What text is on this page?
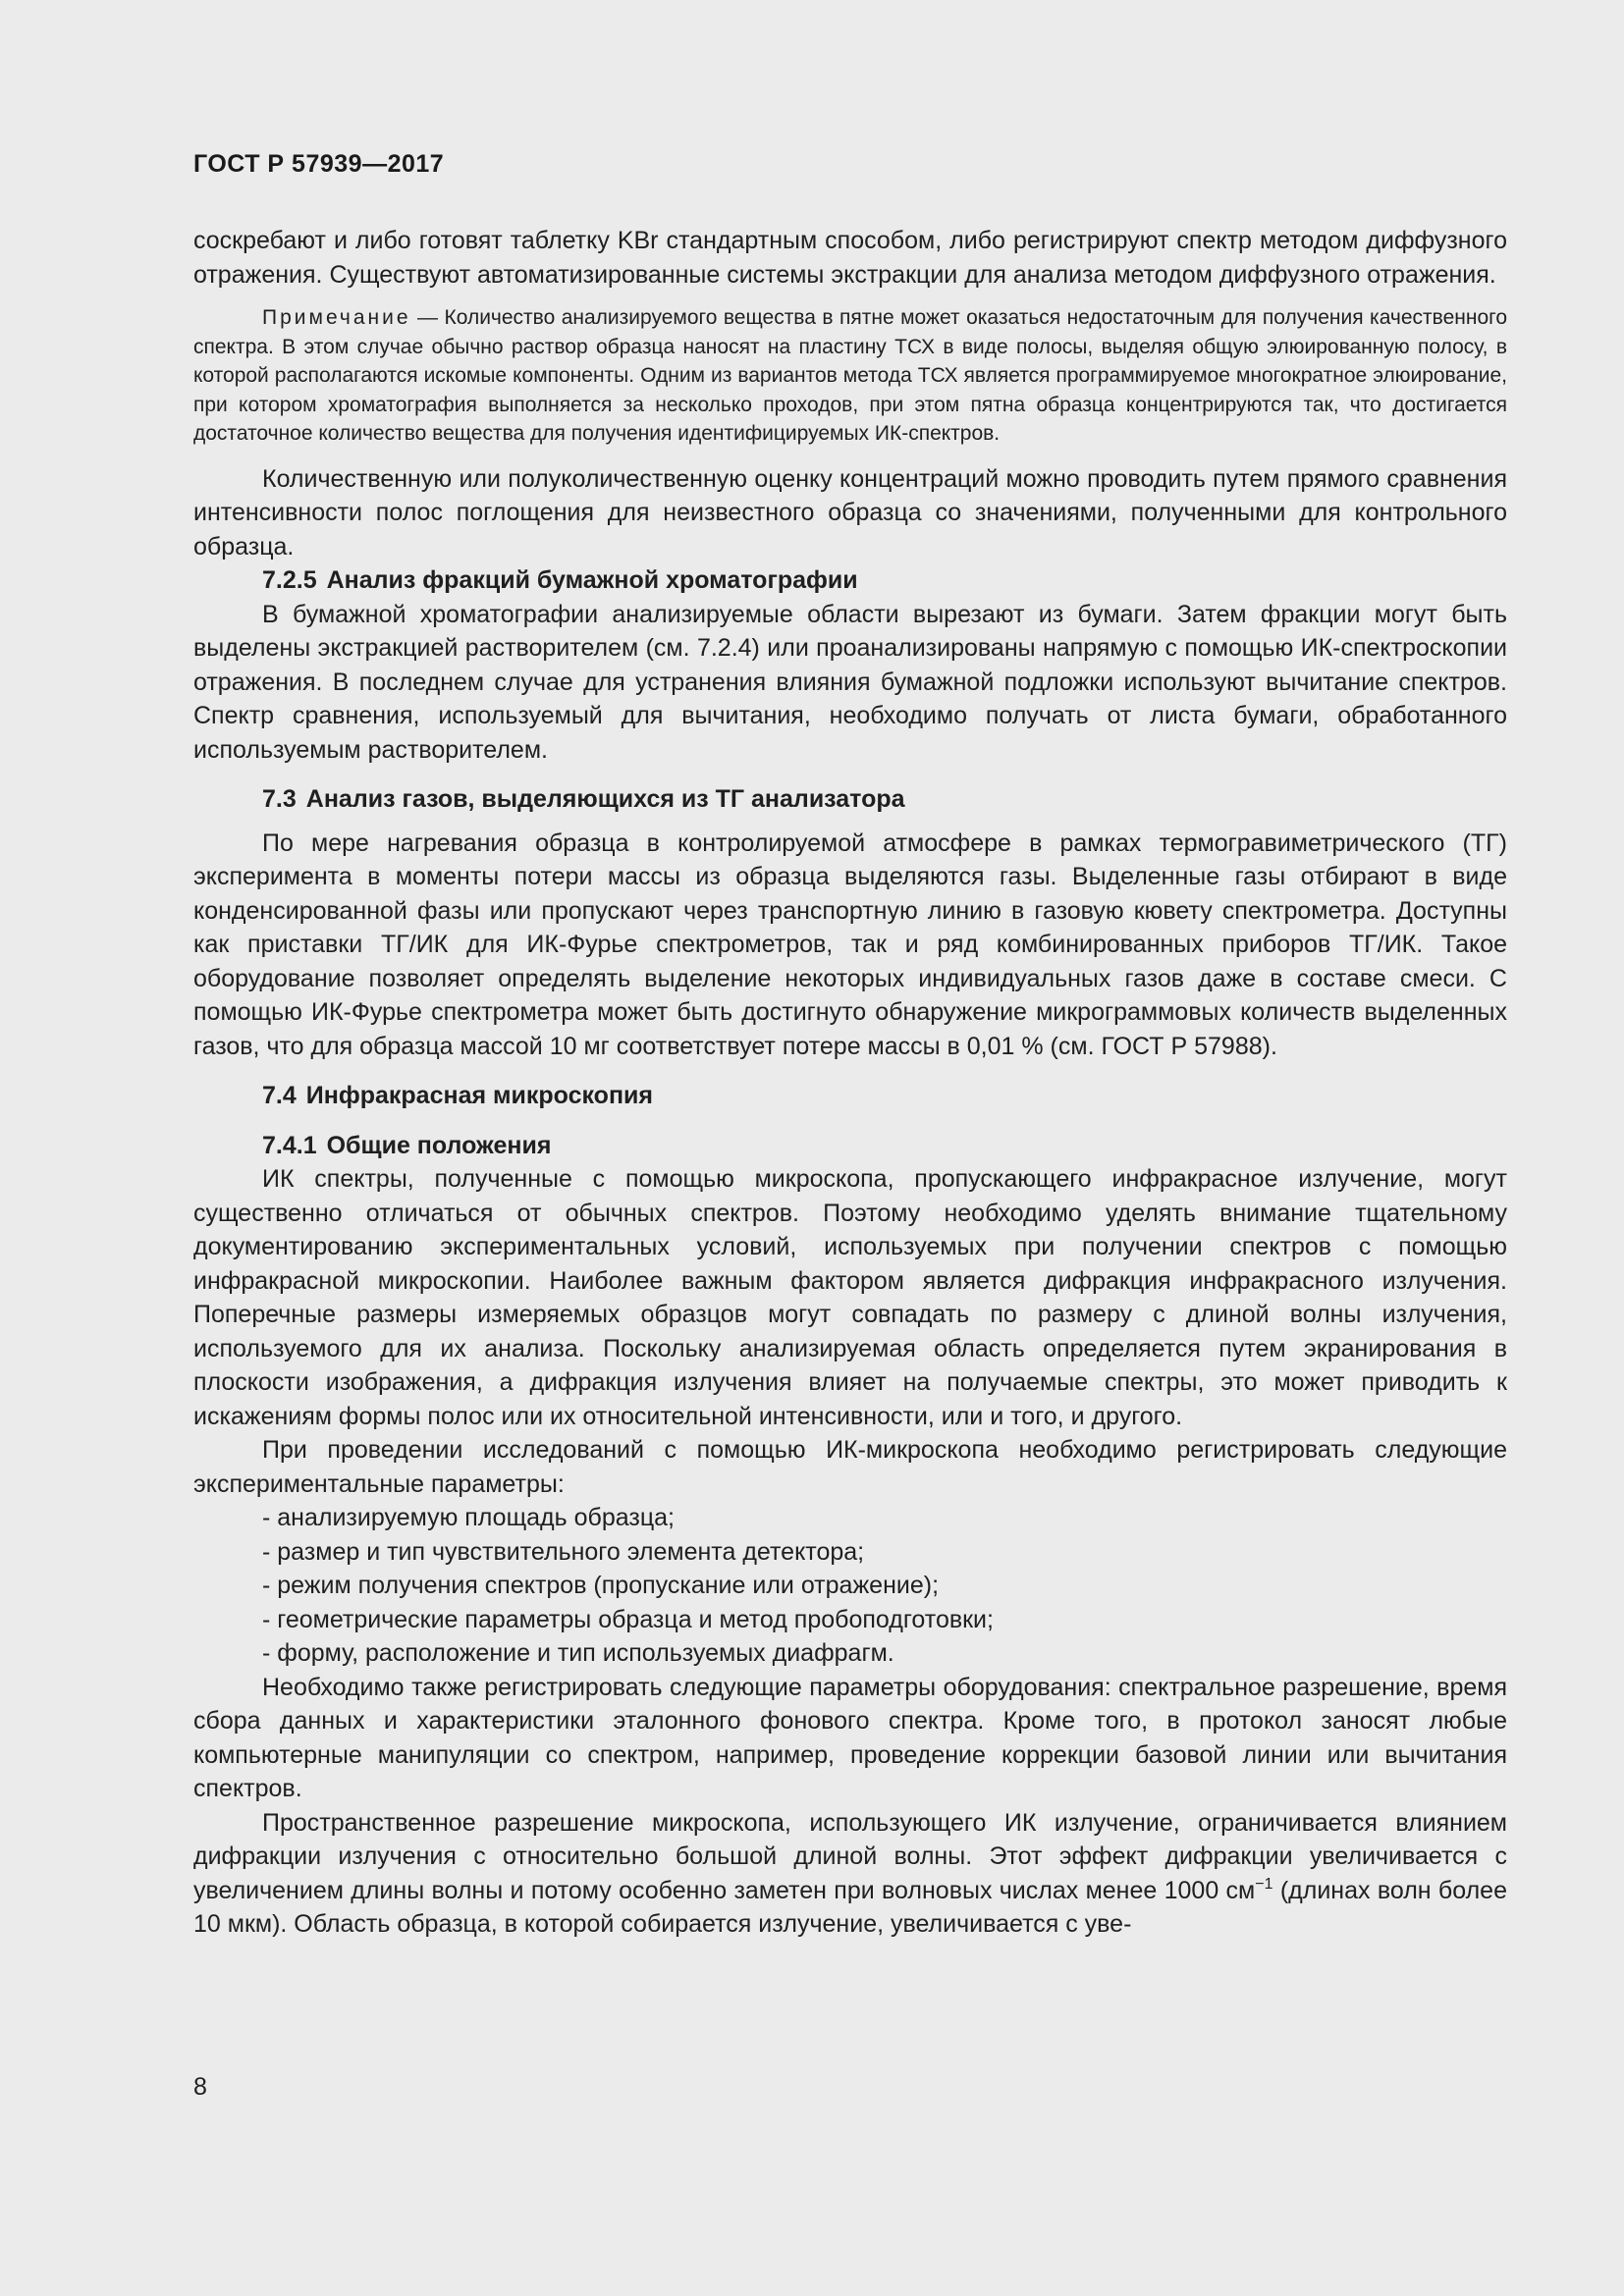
ГОСТ Р 57939—2017

соскребают и либо готовят таблетку KBr стандартным способом, либо регистрируют спектр методом диффузного отражения. Существуют автоматизированные системы экстракции для анализа методом диффузного отражения.

Примечание — Количество анализируемого вещества в пятне может оказаться недостаточным для получения качественного спектра. В этом случае обычно раствор образца наносят на пластину ТСХ в виде полосы, выделяя общую элюированную полосу, в которой располагаются искомые компоненты. Одним из вариантов метода ТСХ является программируемое многократное элюирование, при котором хроматография выполняется за несколько проходов, при этом пятна образца концентрируются так, что достигается достаточное количество вещества для получения идентифицируемых ИК-спектров.

Количественную или полуколичественную оценку концентраций можно проводить путем прямого сравнения интенсивности полос поглощения для неизвестного образца со значениями, полученными для контрольного образца.

7.2.5 Анализ фракций бумажной хроматографии

В бумажной хроматографии анализируемые области вырезают из бумаги. Затем фракции могут быть выделены экстракцией растворителем (см. 7.2.4) или проанализированы напрямую с помощью ИК-спектроскопии отражения. В последнем случае для устранения влияния бумажной подложки используют вычитание спектров. Спектр сравнения, используемый для вычитания, необходимо получать от листа бумаги, обработанного используемым растворителем.

7.3 Анализ газов, выделяющихся из ТГ анализатора

По мере нагревания образца в контролируемой атмосфере в рамках термогравиметрического (ТГ) эксперимента в моменты потери массы из образца выделяются газы. Выделенные газы отбирают в виде конденсированной фазы или пропускают через транспортную линию в газовую кювету спектрометра. Доступны как приставки ТГ/ИК для ИК-Фурье спектрометров, так и ряд комбинированных приборов ТГ/ИК. Такое оборудование позволяет определять выделение некоторых индивидуальных газов даже в составе смеси. С помощью ИК-Фурье спектрометра может быть достигнуто обнаружение микрограммовых количеств выделенных газов, что для образца массой 10 мг соответствует потере массы в 0,01 % (см. ГОСТ Р 57988).

7.4 Инфракрасная микроскопия

7.4.1 Общие положения

ИК спектры, полученные с помощью микроскопа, пропускающего инфракрасное излучение, могут существенно отличаться от обычных спектров. Поэтому необходимо уделять внимание тщательному документированию экспериментальных условий, используемых при получении спектров с помощью инфракрасной микроскопии. Наиболее важным фактором является дифракция инфракрасного излучения. Поперечные размеры измеряемых образцов могут совпадать по размеру с длиной волны излучения, используемого для их анализа. Поскольку анализируемая область определяется путем экранирования в плоскости изображения, а дифракция излучения влияет на получаемые спектры, это может приводить к искажениям формы полос или их относительной интенсивности, или и того, и другого.

При проведении исследований с помощью ИК-микроскопа необходимо регистрировать следующие экспериментальные параметры:

- анализируемую площадь образца;

- размер и тип чувствительного элемента детектора;

- режим получения спектров (пропускание или отражение);

- геометрические параметры образца и метод пробоподготовки;

- форму, расположение и тип используемых диафрагм.

Необходимо также регистрировать следующие параметры оборудования: спектральное разрешение, время сбора данных и характеристики эталонного фонового спектра. Кроме того, в протокол заносят любые компьютерные манипуляции со спектром, например, проведение коррекции базовой линии или вычитания спектров.

Пространственное разрешение микроскопа, использующего ИК излучение, ограничивается влиянием дифракции излучения с относительно большой длиной волны. Этот эффект дифракции увеличивается с увеличением длины волны и потому особенно заметен при волновых числах менее 1000 $см^{-1}$ (длинах волн более 10 мкм). Область образца, в которой собирается излучение, увеличивается с уве-

8
